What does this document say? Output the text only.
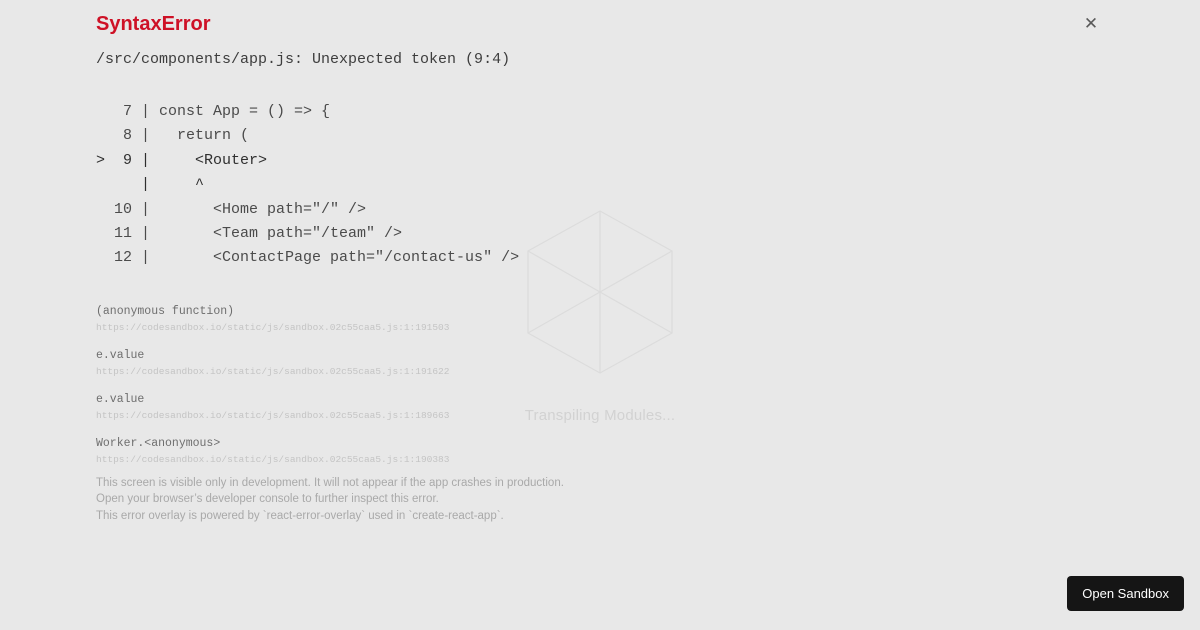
Transpiling Modules...
SyntaxError	✕
/src/components/app.js: Unexpected token (9:4)
7 | const App = () => {
8 |   return (
>  9 |     <Router>
|     ^
10 |       <Home path="/" />
11 |       <Team path="/team" />
12 |       <ContactPage path="/contact-us" />
(anonymous function)
https://codesandbox.io/static/js/sandbox.02c55caa5.js:1:191503
e.value
https://codesandbox.io/static/js/sandbox.02c55caa5.js:1:191622
e.value
https://codesandbox.io/static/js/sandbox.02c55caa5.js:1:189663
Worker.<anonymous>
https://codesandbox.io/static/js/sandbox.02c55caa5.js:1:190383
This screen is visible only in development. It will not appear if the app crashes in production.
Open your browser’s developer console to further inspect this error.
This error overlay is powered by `react-error-overlay` used in `create-react-app`.
Open Sandbox
